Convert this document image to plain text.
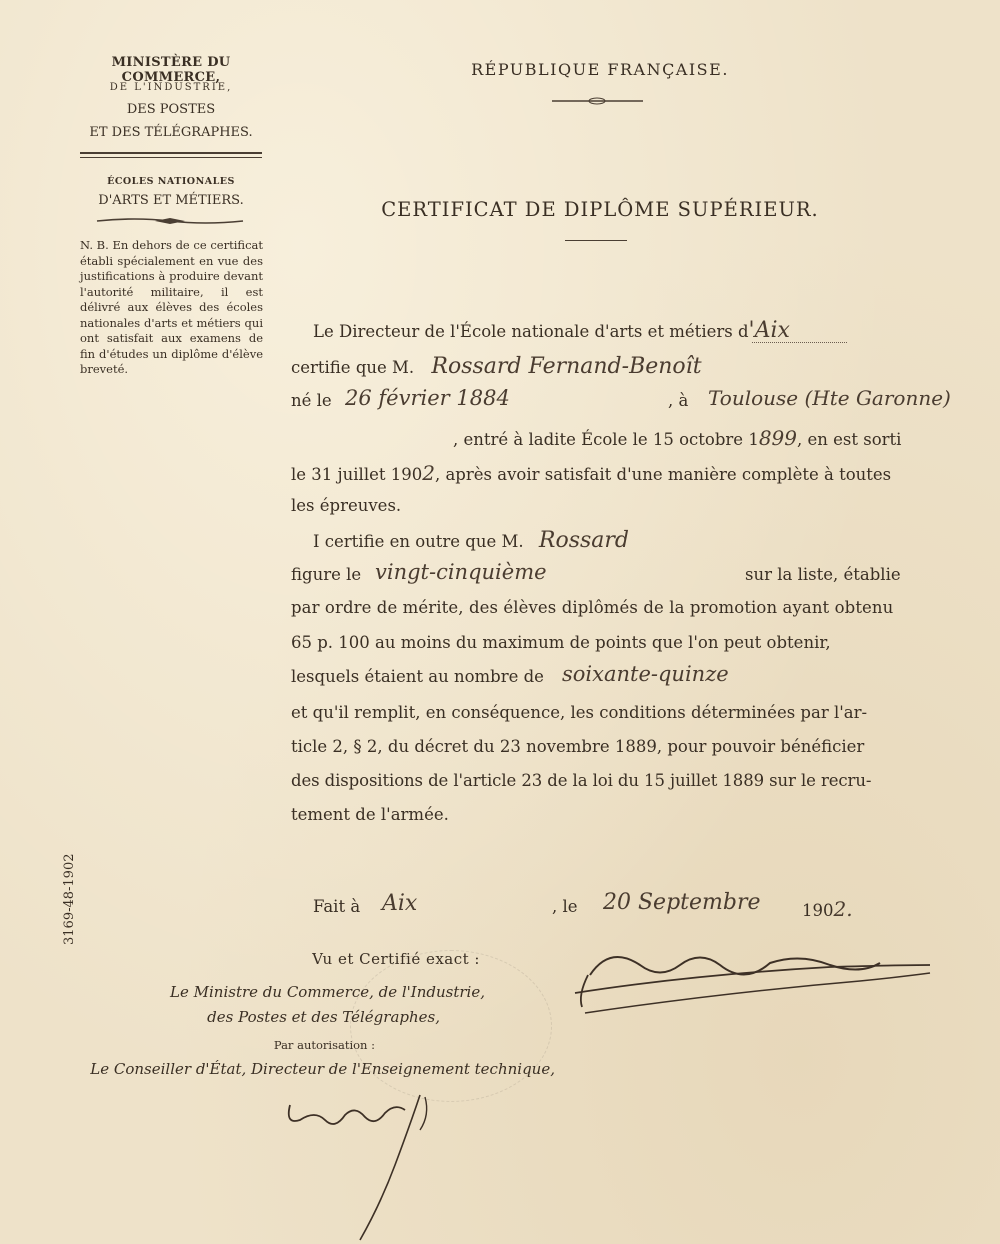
MINISTÈRE DU COMMERCE,
DE L'INDUSTRIE,
DES POSTES
ET DES TÉLÉGRAPHES.
ÉCOLES NATIONALES
D'ARTS ET MÉTIERS.
N. B. En dehors de ce certificat établi spécialement en vue des justifications à produire devant l'autorité militaire, il est délivré aux élèves des écoles nationales d'arts et métiers qui ont satisfait aux examens de fin d'études un diplôme d'élève breveté.
3169-48-1902
RÉPUBLIQUE FRANÇAISE.
CERTIFICAT DE DIPLÔME SUPÉRIEUR.
Le Directeur de l'École nationale d'arts et métiers d'Aix
certifie que M. Rossard Fernand-Benoît
né le 26 février 1884	, à Toulouse (Hte Garonne)
, entré à ladite École le 15 octobre 1899, en est sorti
le 31 juillet 1902, après avoir satisfait d'une manière complète à toutes
les épreuves.
I certifie en outre que M. Rossard
figure le vingt-cinquième	sur la liste, établie
par ordre de mérite, des élèves diplômés de la promotion ayant obtenu
65 p. 100 au moins du maximum de points que l'on peut obtenir,
lesquels étaient au nombre de soixante-quinze
et qu'il remplit, en conséquence, les conditions déterminées par l'ar-
ticle 2, § 2, du décret du 23 novembre 1889, pour pouvoir bénéficier
des dispositions de l'article 23 de la loi du 15 juillet 1889 sur le recru-
tement de l'armée.
Fait à Aix	, le 20 Septembre	1902.
Vu et Certifié exact :
Le Ministre du Commerce, de l'Industrie,
des Postes et des Télégraphes,
Par autorisation :
Le Conseiller d'État, Directeur de l'Enseignement technique,
